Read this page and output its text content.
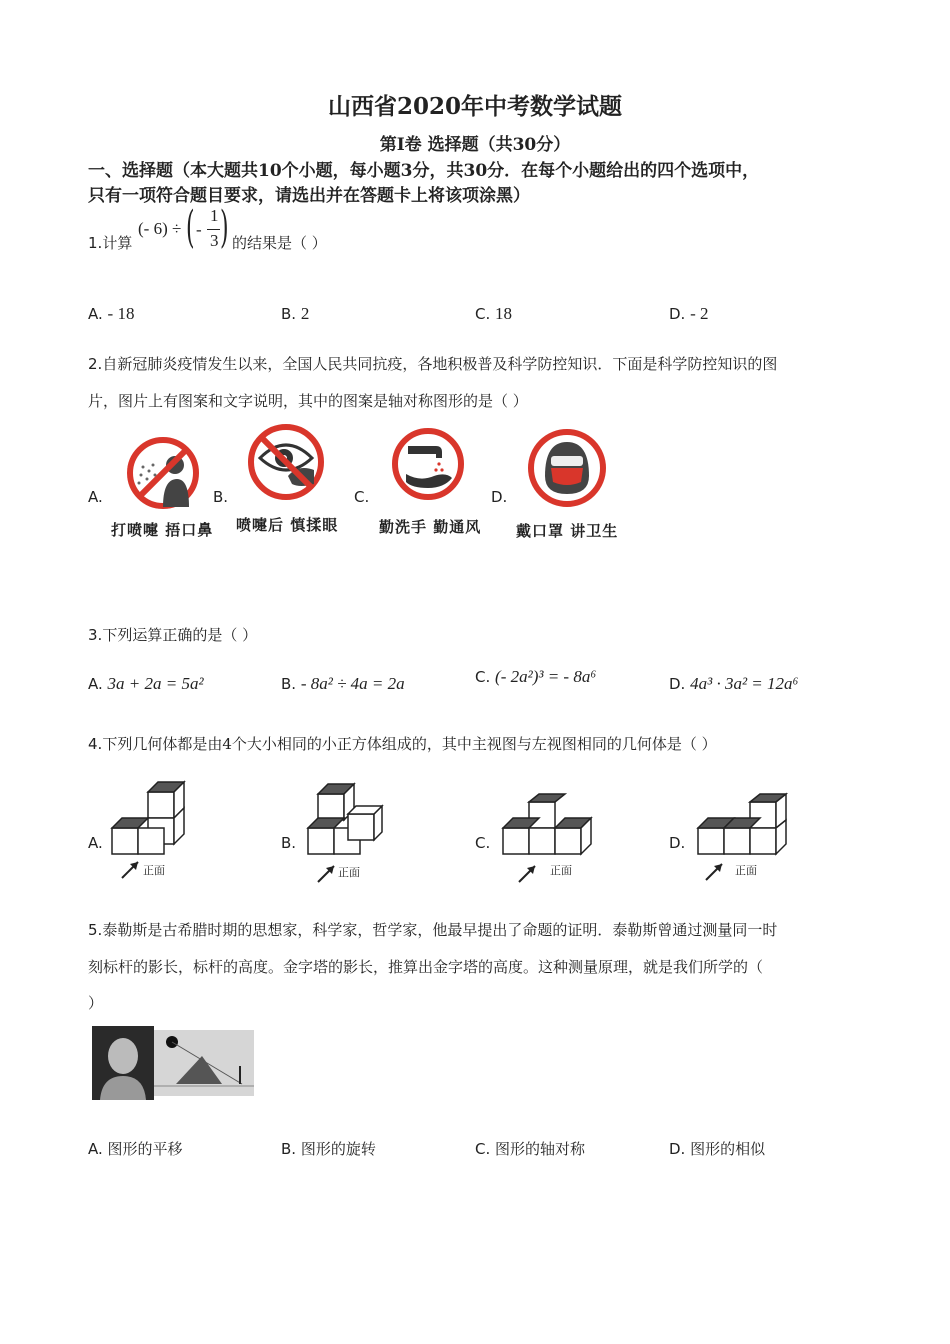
山西省2020年中考数学试题
第I卷 选择题（共30分）
一、选择题（本大题共10个小题，每小题3分，共30分．在每个小题给出的四个选项中，
只有一项符合题目要求，请选出并在答题卡上将该项涂黑）
1.计算
(- 6) ÷ ( -
1
3 ) 的结果是（ ）
A. - 18	B. 2	C. 18	D. - 2
2.自新冠肺炎疫情发生以来，全国人民共同抗疫，各地积极普及科学防控知识．下面是科学防控知识的图
片，图片上有图案和文字说明，其中的图案是轴对称图形的是（ ）
A.
打喷嚏 捂口鼻
B.
喷嚏后 慎揉眼
C.
勤洗手 勤通风
D.
戴口罩 讲卫生
3.下列运算正确的是（ ）
A. 3a + 2a = 5a²	B. - 8a² ÷ 4a = 2a	C. (- 2a²)³ = - 8a⁶	D. 4a³ · 3a² = 12a⁶
4.下列几何体都是由4个大小相同的小正方体组成的，其中主视图与左视图相同的几何体是（ ）
A.
正面
B.
正面
C.
正面
D.
正面
5.泰勒斯是古希腊时期的思想家，科学家，哲学家，他最早提出了命题的证明．泰勒斯曾通过测量同一时
刻标杆的影长，标杆的高度。金字塔的影长，推算出金字塔的高度。这种测量原理，就是我们所学的（
）
A. 图形的平移	B. 图形的旋转	C. 图形的轴对称	D. 图形的相似
